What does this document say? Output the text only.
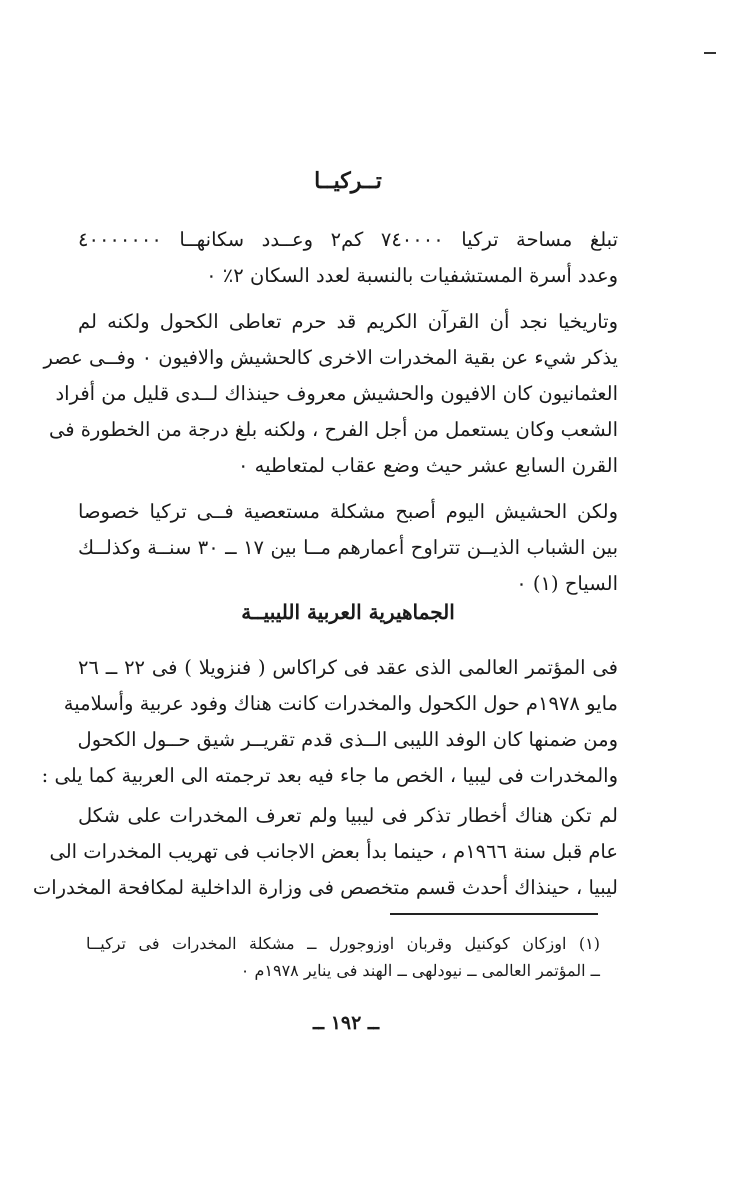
تــركيــا
تبلغ مساحة تركيا ٧٤٠٠٠٠ كم٢ وعــدد سكانهــا ٤٠٠٠٠٠٠٠
وعدد أسرة المستشفيات بالنسبة لعدد السكان ٢٪ ٠
وتاريخيا نجد أن القرآن الكريم قد حرم تعاطى الكحول ولكنه لم
يذكر شيء عن بقية المخدرات الاخرى كالحشيش والافيون ٠ وفــى عصر
العثمانيون كان الافيون والحشيش معروف حينذاك لــدى قليل من أفراد
الشعب وكان يستعمل من أجل الفرح ، ولكنه بلغ درجة من الخطورة فى
القرن السابع عشر حيث وضع عقاب لمتعاطيه ٠
ولكن الحشيش اليوم أصبح مشكلة مستعصية فــى تركيا خصوصا
بين الشباب الذيــن تتراوح أعمارهم مــا بين ١٧ ــ ٣٠ سنــة وكذلــك
السياح (١) ٠
الجماهيرية العربية الليبيــة
فى المؤتمر العالمى الذى عقد فى كراكاس ( فنزويلا ) فى ٢٢ ــ ٢٦
مايو ١٩٧٨م حول الكحول والمخدرات كانت هناك وفود عربية وأسلامية
ومن ضمنها كان الوفد الليبى الــذى قدم تقريــر شيق حــول الكحول
والمخدرات فى ليبيا ، الخص ما جاء فيه بعد ترجمته الى العربية كما يلى :
لم تكن هناك أخطار تذكر فى ليبيا ولم تعرف المخدرات على شكل
عام قبل سنة ١٩٦٦م ، حينما بدأ بعض الاجانب فى تهريب المخدرات الى
ليبيا ، حينذاك أحدث قسم متخصص فى وزارة الداخلية لمكافحة المخدرات
(١) اوزكان كوكنيل وقربان اوزوجورل ــ مشكلة المخدرات فى تركيــا
ــ المؤتمر العالمى ــ نيودلهى ــ الهند فى يناير ١٩٧٨م ٠
ــ ١٩٢ ــ
